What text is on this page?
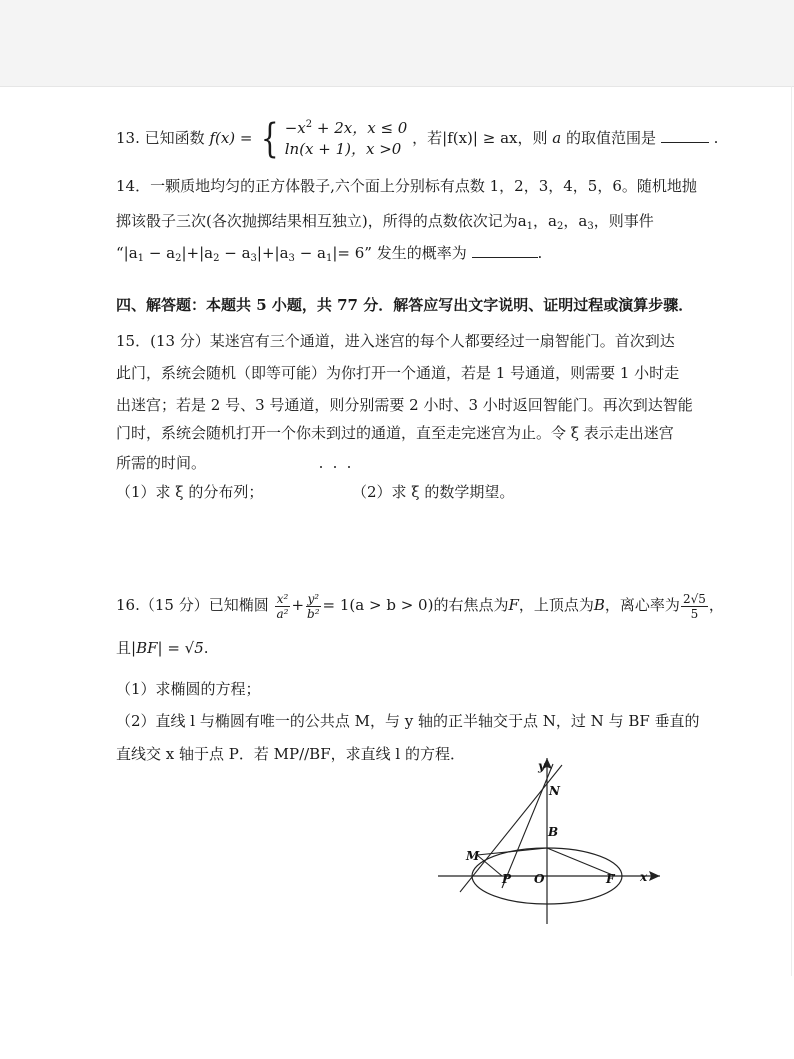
13. 已知函数 f(x) = { $-x^2 + 2x$，x ≤ 0
ln(x + 1)，x >0
，若|f(x)| ≥ ax，则 a 的取值范围是	.
14．一颗质地均匀的正方体骰子,六个面上分别标有点数 1，2，3，4，5，6。随机地抛
掷该骰子三次(各次抛掷结果相互独立)，所得的点数依次记为$a_1$，$a_2$，$a_3$，则事件
“$|a_1 - a_2|+|a_2 - a_3|+|a_3 - a_1|= 6$” 发生的概率为	.
四、解答题：本题共 5 小题，共 77 分．解答应写出文字说明、证明过程或演算步骤．
15．(13 分）某迷宫有三个通道，进入迷宫的每个人都要经过一扇智能门。首次到达
此门，系统会随机（即等可能）为你打开一个通道，若是 1 号通道，则需要 1 小时走
出迷宫；若是 2 号、3 号通道，则分别需要 2 小时、3 小时返回智能门。再次到达智能
门时，系统会随机打开一个你未到过的通道，直至走完迷宫为止。令 ξ 表示走出迷宫
所需的时间。
（1）求 ξ 的分布列；	（2）求 ξ 的数学期望。
16.（15 分）已知椭圆 $\frac{\text{x²}}{\text{a²}} + \frac{\text{y²}}{\text{b²}} = 1(a > b > 0)$的右焦点为F，上顶点为B，离心率为 $\frac{2√5}{5}$ ，
且|BF| = √5.
（1）求椭圆的方程；
（2）直线 l 与椭圆有唯一的公共点 M，与 y 轴的正半轴交于点 N，过 N 与 BF 垂直的
直线交 x 轴于点 P．若 MP//BF，求直线 l 的方程．
y
N
B
M
P O	F x
